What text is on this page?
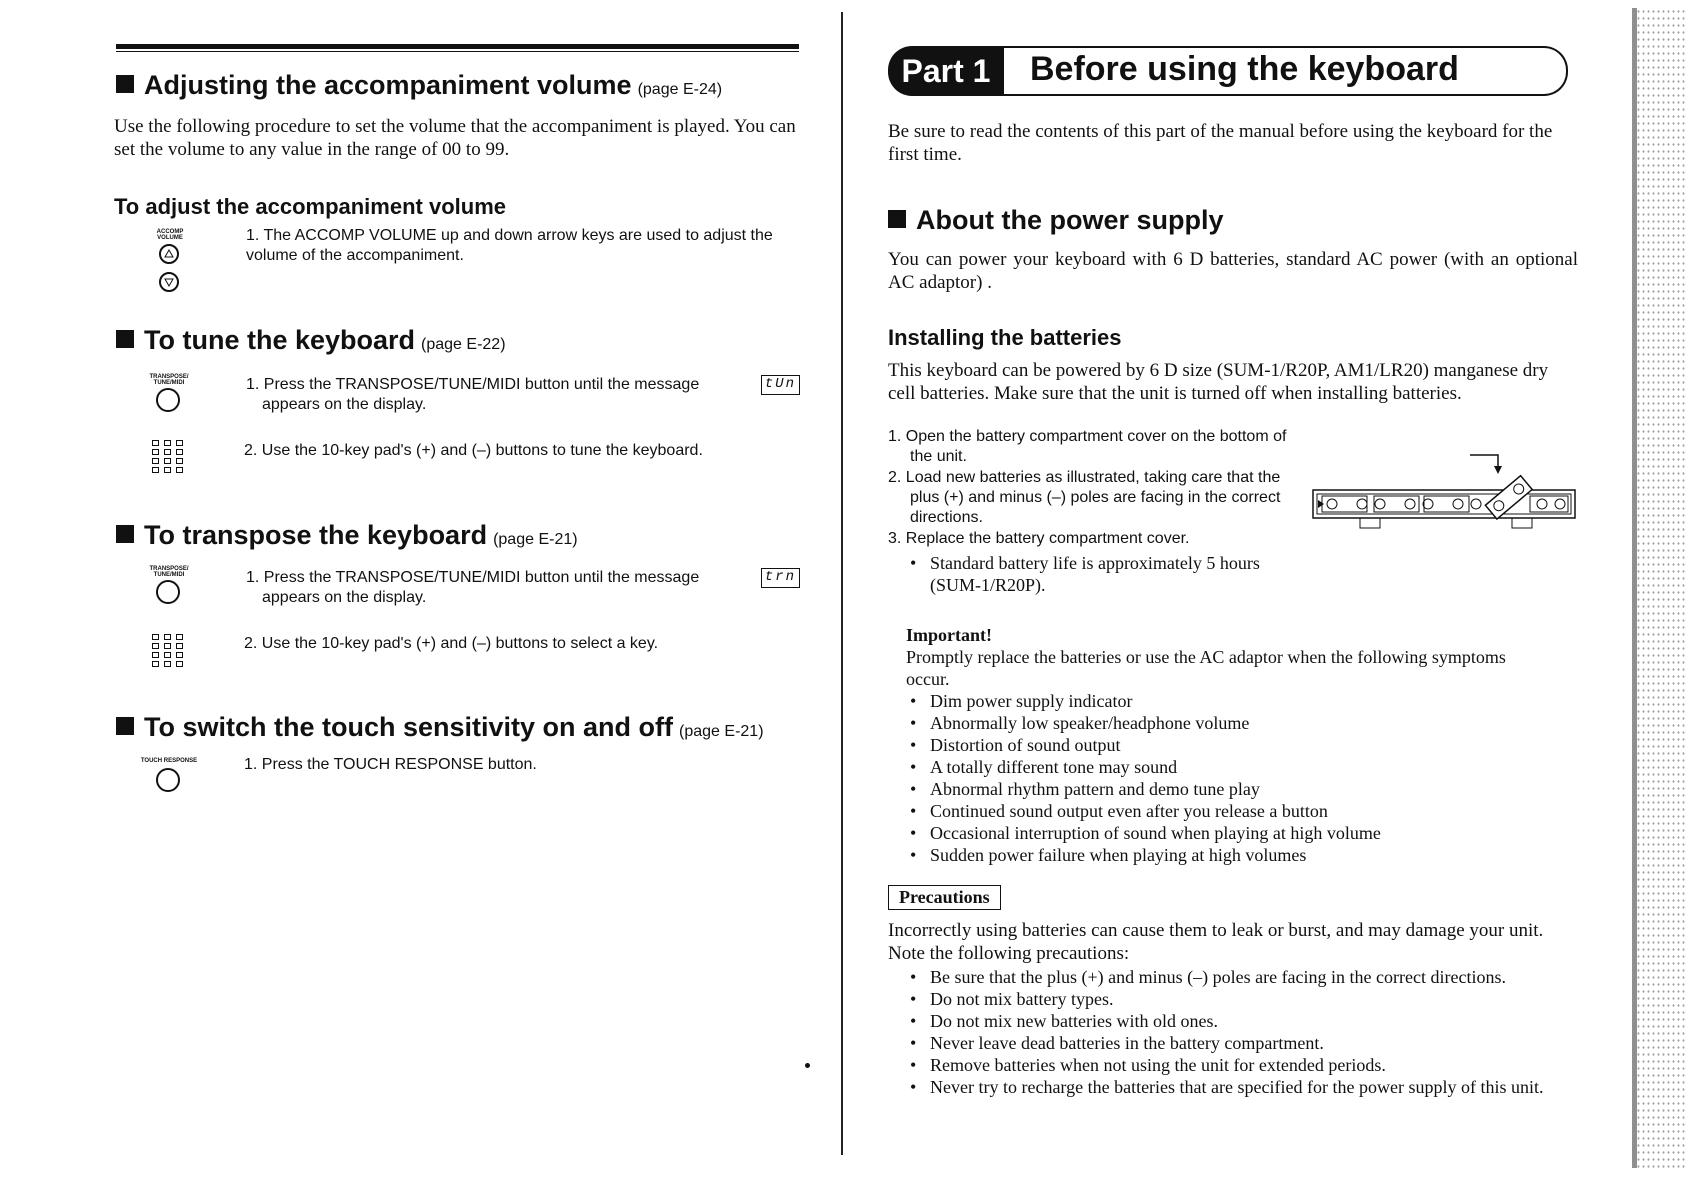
Adjusting the accompaniment volume (page E-24)
Use the following procedure to set the volume that the accompaniment is played. You can set the volume to any value in the range of 00 to 99.
To adjust the accompaniment volume
ACCOMP VOLUME	1. The ACCOMP VOLUME up and down arrow keys are used to adjust the volume of the accompaniment.
To tune the keyboard (page E-22)
TRANSPOSE/ TUNE/MIDI	1. Press the TRANSPOSE/TUNE/MIDI button until the message	tUn
appears on the display.
2. Use the 10-key pad's (+) and (–) buttons to tune the keyboard.
To transpose the keyboard (page E-21)
TRANSPOSE/ TUNE/MIDI	1. Press the TRANSPOSE/TUNE/MIDI button until the message	trn
appears on the display.
2. Use the 10-key pad's (+) and (–) buttons to select a key.
To switch the touch sensitivity on and off (page E-21)
TOUCH RESPONSE	1. Press the TOUCH RESPONSE button.
Part 1	Before using the keyboard
Be sure to read the contents of this part of the manual before using the keyboard for the first time.
About the power supply
You can power your keyboard with 6 D batteries, standard AC power (with an optional AC adaptor) .
Installing the batteries
This keyboard can be powered by 6 D size (SUM-1/R20P, AM1/LR20) manganese dry cell batteries. Make sure that the unit is turned off when installing batteries.
1. Open the battery compartment cover on the bottom of the unit.
2. Load new batteries as illustrated, taking care that the plus (+) and minus (–) poles are facing in the correct directions.
3. Replace the battery compartment cover.
• Standard battery life is approximately 5 hours (SUM-1/R20P).
Important!
Promptly replace the batteries or use the AC adaptor when the following symptoms occur.
• Dim power supply indicator
• Abnormally low speaker/headphone volume
• Distortion of sound output
• A totally different tone may sound
• Abnormal rhythm pattern and demo tune play
• Continued sound output even after you release a button
• Occasional interruption of sound when playing at high volume
• Sudden power failure when playing at high volumes
Precautions
Incorrectly using batteries can cause them to leak or burst, and may damage your unit. Note the following precautions:
• Be sure that the plus (+) and minus (–) poles are facing in the correct directions.
• Do not mix battery types.
• Do not mix new batteries with old ones.
• Never leave dead batteries in the battery compartment.
• Remove batteries when not using the unit for extended periods.
• Never try to recharge the batteries that are specified for the power supply of this unit.
